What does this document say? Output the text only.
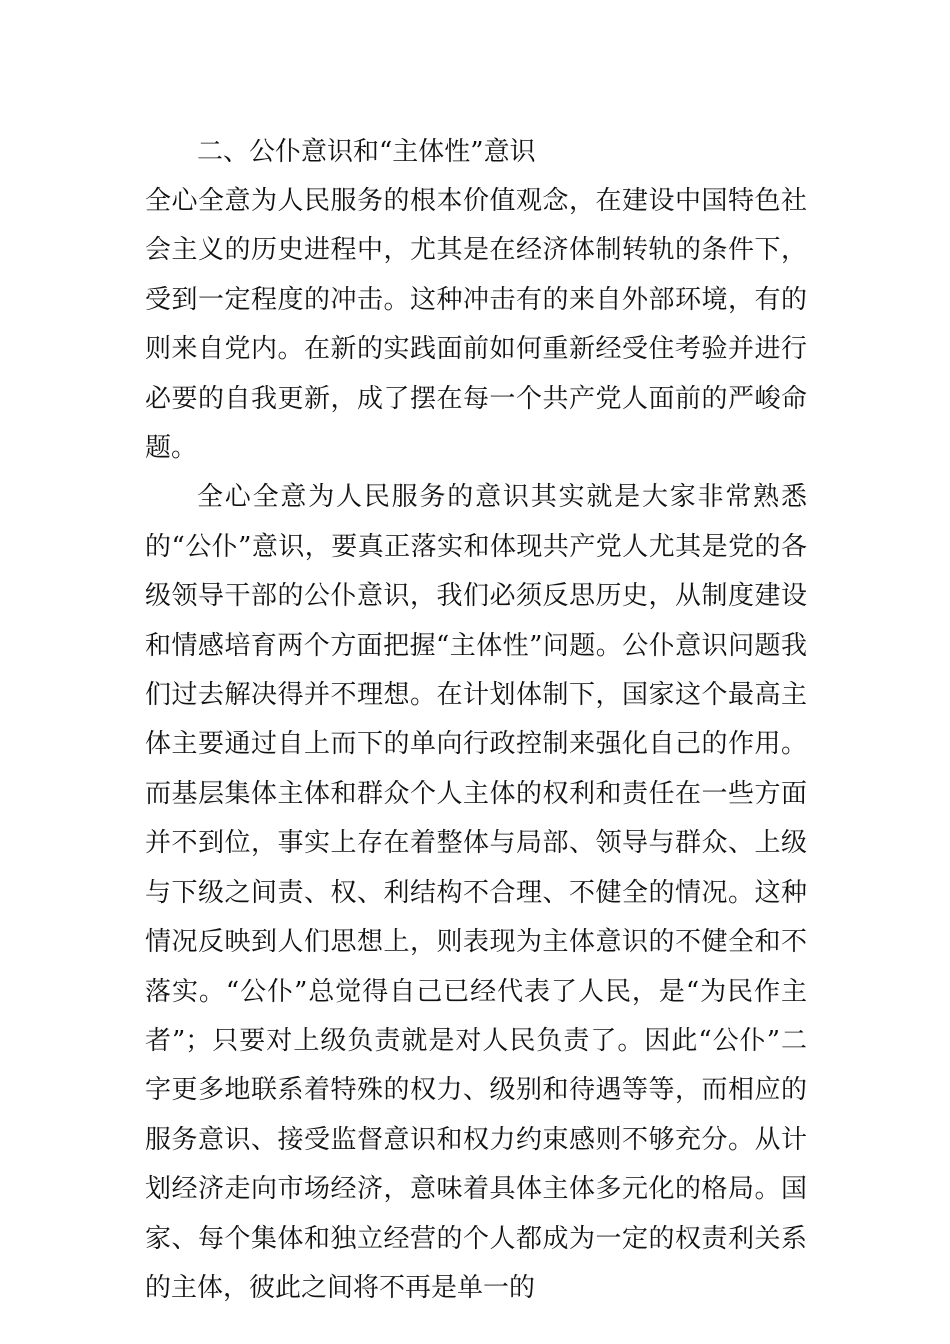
二、公仆意识和“主体性”意识

全心全意为人民服务的根本价值观念，在建设中国特色社会主义的历史进程中，尤其是在经济体制转轨的条件下，受到一定程度的冲击。这种冲击有的来自外部环境，有的则来自党内。在新的实践面前如何重新经受住考验并进行必要的自我更新，成了摆在每一个共产党人面前的严峻命题。

全心全意为人民服务的意识其实就是大家非常熟悉的“公仆”意识，要真正落实和体现共产党人尤其是党的各级领导干部的公仆意识，我们必须反思历史，从制度建设和情感培育两个方面把握“主体性”问题。公仆意识问题我们过去解决得并不理想。在计划体制下，国家这个最高主体主要通过自上而下的单向行政控制来强化自己的作用。而基层集体主体和群众个人主体的权利和责任在一些方面并不到位，事实上存在着整体与局部、领导与群众、上级与下级之间责、权、利结构不合理、不健全的情况。这种情况反映到人们思想上，则表现为主体意识的不健全和不落实。“公仆”总觉得自己已经代表了人民，是“为民作主者”；只要对上级负责就是对人民负责了。因此“公仆”二字更多地联系着特殊的权力、级别和待遇等等，而相应的服务意识、接受监督意识和权力约束感则不够充分。从计划经济走向市场经济，意味着具体主体多元化的格局。国家、每个集体和独立经营的个人都成为一定的权责利关系的主体，彼此之间将不再是单一的
